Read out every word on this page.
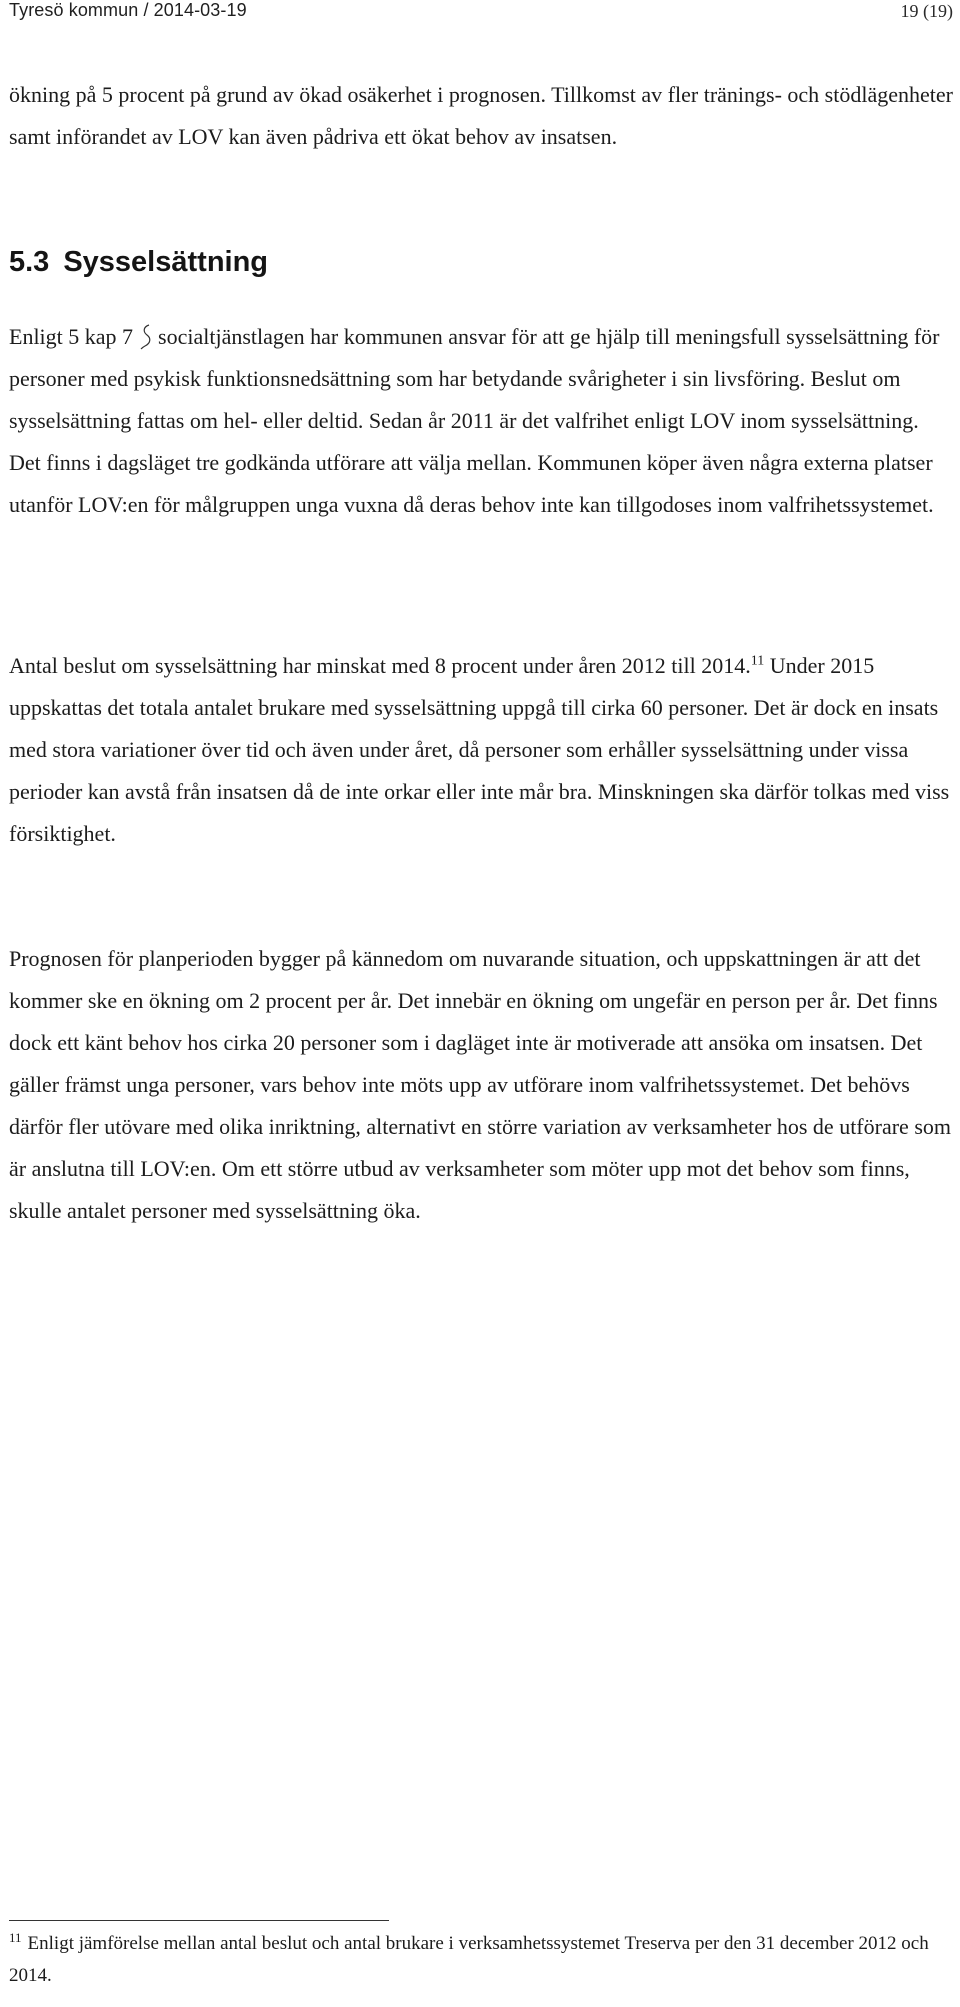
Tyresö kommun / 2014-03-19	19 (19)
ökning på 5 procent på grund av ökad osäkerhet i prognosen. Tillkomst av fler tränings- och stödlägenheter samt införandet av LOV kan även pådriva ett ökat behov av insatsen.
5.3 Sysselsättning
Enligt 5 kap 7 socialtjänstlagen har kommunen ansvar för att ge hjälp till meningsfull sysselsättning för personer med psykisk funktionsnedsättning som har betydande svårigheter i sin livsföring. Beslut om sysselsättning fattas om hel- eller deltid. Sedan år 2011 är det valfrihet enligt LOV inom sysselsättning. Det finns i dagsläget tre godkända utförare att välja mellan. Kommunen köper även några externa platser utanför LOV:en för målgruppen unga vuxna då deras behov inte kan tillgodoses inom valfrihetssystemet.
Antal beslut om sysselsättning har minskat med 8 procent under åren 2012 till 2014.11 Under 2015 uppskattas det totala antalet brukare med sysselsättning uppgå till cirka 60 personer. Det är dock en insats med stora variationer över tid och även under året, då personer som erhåller sysselsättning under vissa perioder kan avstå från insatsen då de inte orkar eller inte mår bra. Minskningen ska därför tolkas med viss försiktighet.
Prognosen för planperioden bygger på kännedom om nuvarande situation, och uppskattningen är att det kommer ske en ökning om 2 procent per år. Det innebär en ökning om ungefär en person per år. Det finns dock ett känt behov hos cirka 20 personer som i dagläget inte är motiverade att ansöka om insatsen. Det gäller främst unga personer, vars behov inte möts upp av utförare inom valfrihetssystemet. Det behövs därför fler utövare med olika inriktning, alternativt en större variation av verksamheter hos de utförare som är anslutna till LOV:en. Om ett större utbud av verksamheter som möter upp mot det behov som finns, skulle antalet personer med sysselsättning öka.
$^{11}$ Enligt jämförelse mellan antal beslut och antal brukare i verksamhetssystemet Treserva per den 31 december 2012 och 2014.
